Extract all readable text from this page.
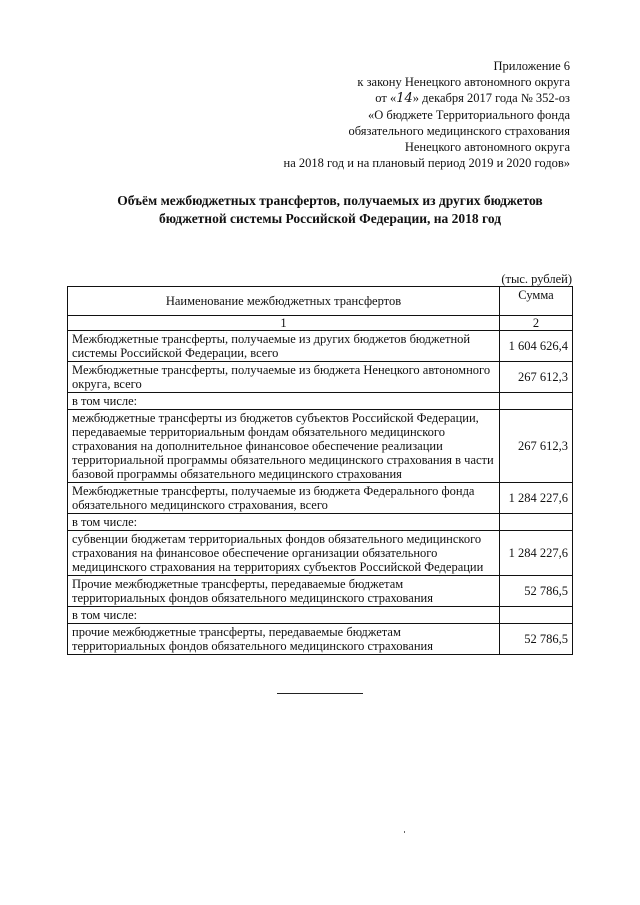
Приложение 6
к закону Ненецкого автономного округа
от «14» декабря 2017 года № 352-оз
«О бюджете Территориального фонда
обязательного медицинского страхования
Ненецкого автономного округа
на 2018 год и на плановый период 2019 и 2020 годов»
Объём межбюджетных трансфертов, получаемых из других бюджетов
бюджетной системы Российской Федерации, на 2018 год
(тыс. рублей)
Наименование межбюджетных трансфертов	Сумма
1	2
Межбюджетные трансферты, получаемые из других бюджетов бюджетной системы Российской Федерации, всего	1 604 626,4
Межбюджетные трансферты, получаемые из бюджета Ненецкого автономного округа, всего	267 612,3
в том числе:	
межбюджетные трансферты из бюджетов субъектов Российской Федерации, передаваемые территориальным фондам обязательного медицинского страхования на дополнительное финансовое обеспечение реализации территориальной программы обязательного медицинского страхования в части базовой программы обязательного медицинского страхования	267 612,3
Межбюджетные трансферты, получаемые из бюджета Федерального фонда обязательного медицинского страхования, всего	1 284 227,6
в том числе:	
субвенции бюджетам территориальных фондов обязательного медицинского страхования на финансовое обеспечение организации обязательного медицинского страхования на территориях субъектов Российской Федерации	1 284 227,6
Прочие межбюджетные трансферты, передаваемые бюджетам территориальных фондов обязательного медицинского страхования	52 786,5
в том числе:	
прочие межбюджетные трансферты, передаваемые бюджетам территориальных фондов обязательного медицинского страхования	52 786,5
